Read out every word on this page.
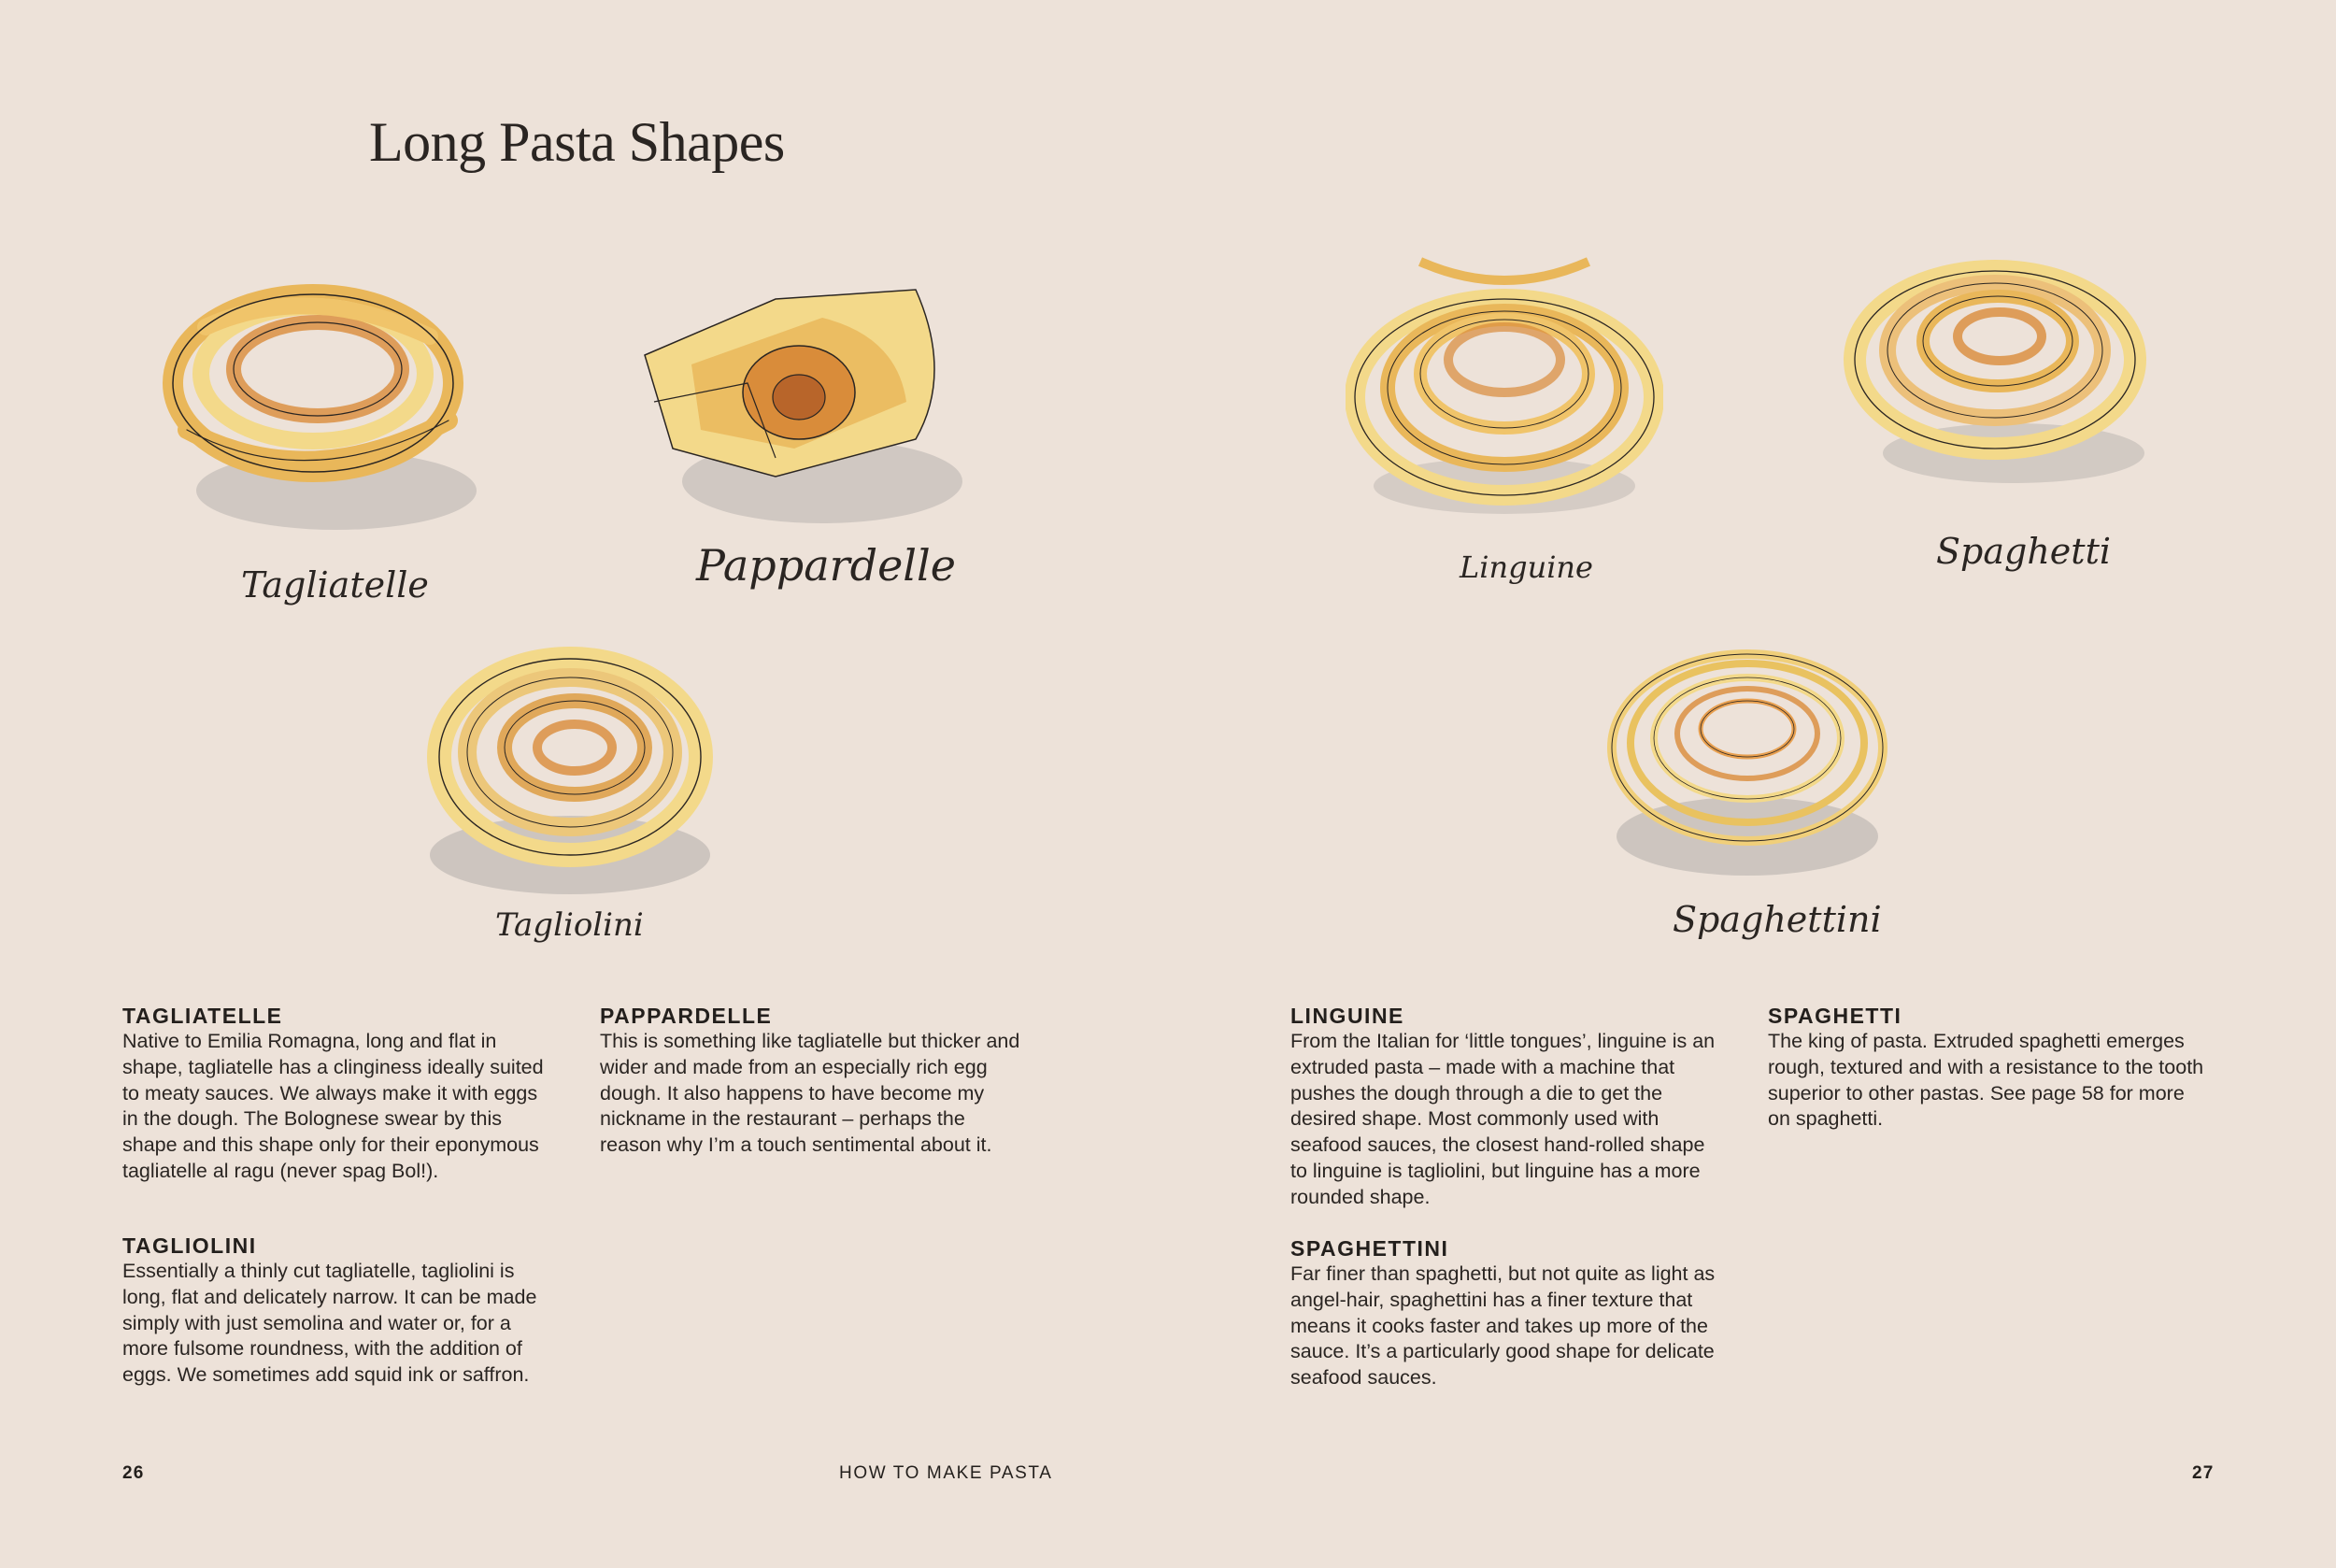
Long Pasta Shapes
Tagliatelle	Pappardelle
Tagliolini
Linguine	Spaghetti
Spaghettini
TAGLIATELLE

Native to Emilia Romagna, long and flat in shape, tagliatelle has a clinginess ideally suited to meaty sauces. We always make it with eggs in the dough. The Bolognese swear by this shape and this shape only for their eponymous tagliatelle al ragu (never spag Bol!).

TAGLIOLINI

Essentially a thinly cut tagliatelle, tagliolini is long, flat and delicately narrow. It can be made simply with just semolina and water or, for a more fulsome roundness, with the addition of eggs. We sometimes add squid ink or saffron.

PAPPARDELLE

This is something like tagliatelle but thicker and wider and made from an especially rich egg dough. It also happens to have become my nickname in the restaurant – perhaps the reason why I’m a touch sentimental about it.

LINGUINE

From the Italian for ‘little tongues’, linguine is an extruded pasta – made with a machine that pushes the dough through a die to get the desired shape. Most commonly used with seafood sauces, the closest hand-rolled shape to linguine is tagliolini, but linguine has a more rounded shape.

SPAGHETTINI

Far finer than spaghetti, but not quite as light as angel-hair, spaghettini has a finer texture that means it cooks faster and takes up more of the sauce. It’s a particularly good shape for delicate seafood sauces.

SPAGHETTI

The king of pasta. Extruded spaghetti emerges rough, textured and with a resistance to the tooth superior to other pastas. See page 58 for more on spaghetti.

26	HOW TO MAKE PASTA	27
